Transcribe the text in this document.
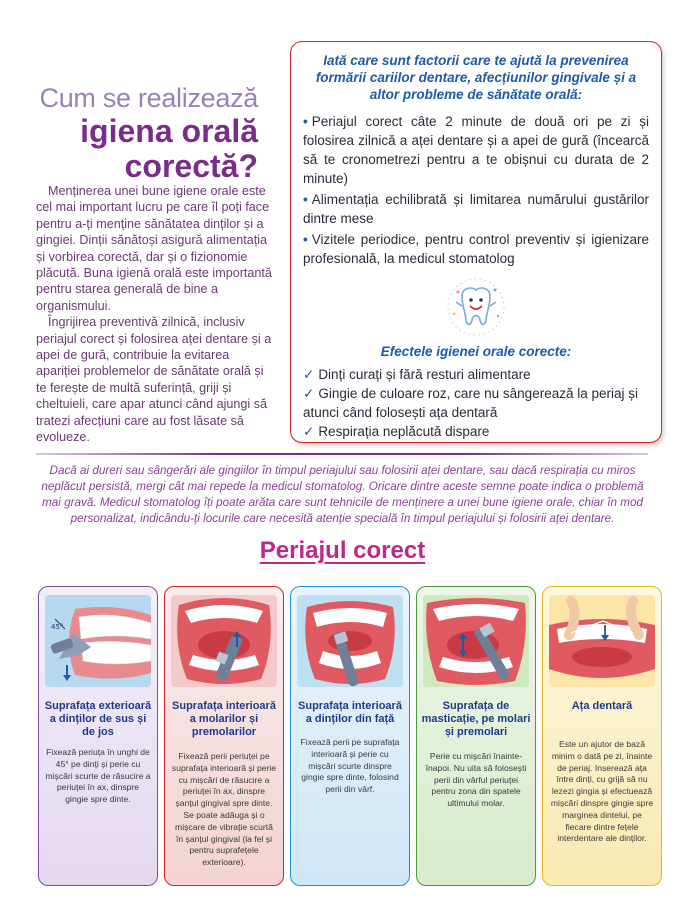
Cum se realizează
igiena orală
corectă?

Menținerea unei bune igiene orale este cel mai important lucru pe care îl poți face pentru a-ți menține sănătatea dinților și a gingiei. Dinții sănătoși asigură alimentația și vorbirea corectă, dar și o fizionomie plăcută. Buna igienă orală este importantă pentru starea generală de bine a organismului.

Îngrijirea preventivă zilnică, inclusiv periajul corect și folosirea aței dentare și a apei de gură, contribuie la evitarea apariției problemelor de sănătate orală și te ferește de multă suferință, griji și cheltuieli, care apar atunci când ajungi să tratezi afecțiuni care au fost lăsate să evolueze.

Iată care sunt factorii care te ajută la prevenirea formării cariilor dentare, afecțiunilor gingivale și a altor probleme de sănătate orală:
• Periajul corect câte 2 minute de două ori pe zi și folosirea zilnică a aței dentare și a apei de gură (încearcă să te cronometrezi pentru a te obișnui cu durata de 2 minute)
• Alimentația echilibrată și limitarea numărului gustărilor dintre mese
• Vizitele periodice, pentru control preventiv și igienizare profesională, la medicul stomatolog
Efectele igienei orale corecte:
✓ Dinți curați și fără resturi alimentare
✓ Gingie de culoare roz, care nu sângerează la periaj și atunci când folosești ața dentară
✓ Respirația neplăcută dispare
Dacă ai dureri sau sângerări ale gingiilor în timpul periajului sau folosirii aței dentare, sau dacă respirația cu miros neplăcut persistă, mergi cât mai repede la medicul stomatolog. Oricare dintre aceste semne poate indica o problemă mai gravă. Medicul stomatolog îți poate arăta care sunt tehnicile de menținere a unei bune igiene orale, chiar în mod personalizat, indicându-ți locurile care necesită atenție specială în timpul periajului și folosirii aței dentare.
Periajul corect
45°
Suprafața exterioară a dinților de sus și de jos
Fixează periuța în unghi de 45° pe dinți și perie cu mișcări scurte de răsucire a periuței în ax, dinspre gingie spre dinte.
Suprafața interioară a molarilor și premolarilor
Fixează perii periuței pe suprafața interioară și perie cu mișcări de răsucire a periuței în ax, dinspre șanțul gingival spre dinte. Se poate adăuga și o mișcare de vibrație scurtă în șanțul gingival (la fel și pentru suprafețele exterioare).
Suprafața interioară a dinților din față
Fixează perii pe suprafața interioară și perie cu mișcări scurte dinspre gingie spre dinte, folosind perii din vârf.
Suprafața de masticație, pe molari și premolari
Perie cu mișcări înainte-înapoi. Nu uita să folosești perii din vârful periuței pentru zona din spatele ultimului molar.
Ața dentară
Este un ajutor de bază minim o dată pe zi, înainte de periaj. Inserează ața între dinți, cu grijă să nu lezezi gingia și efectuează mișcări dinspre gingie spre marginea dintelui, pe fiecare dintre fețele interdentare ale dinților.
